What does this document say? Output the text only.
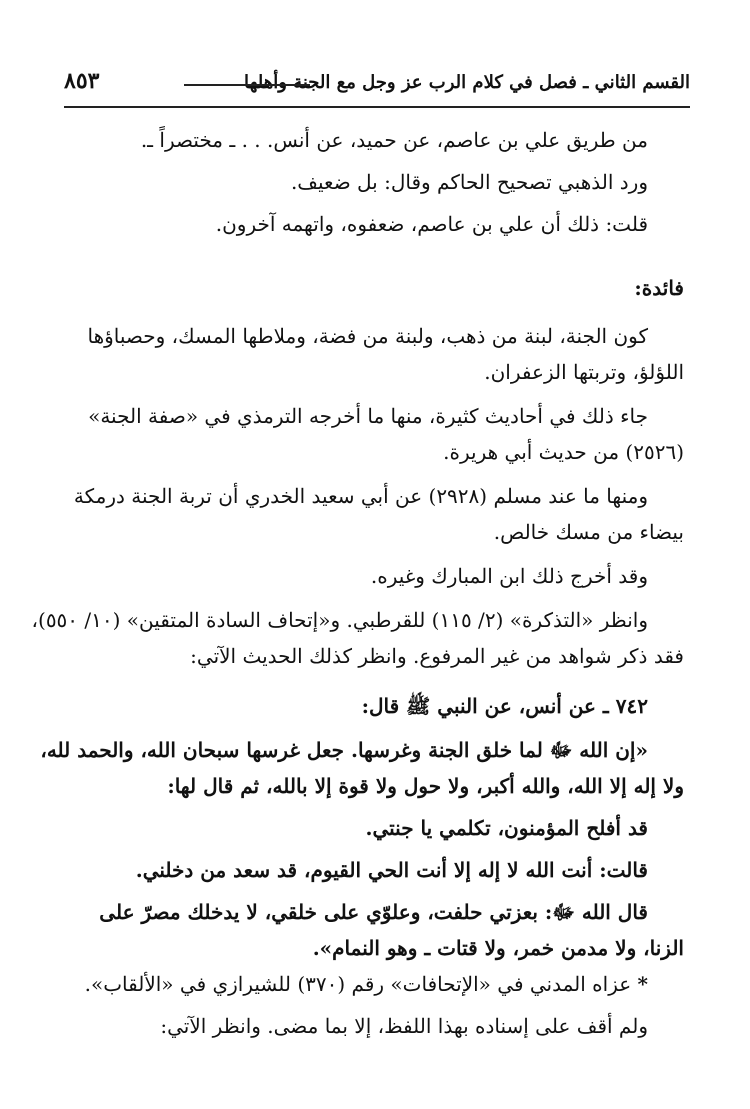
القسم الثاني ـ فصل في كلام الرب عز وجل مع الجنة وأهلها
٨٥٣
من طريق علي بن عاصم، عن حميد، عن أنس. . . ـ مختصراً ـ.
ورد الذهبي تصحيح الحاكم وقال: بل ضعيف.
قلت: ذلك أن علي بن عاصم، ضعفوه، واتهمه آخرون.
فائدة:
كون الجنة، لبنة من ذهب، ولبنة من فضة، وملاطها المسك، وحصباؤها
اللؤلؤ، وتربتها الزعفران.
جاء ذلك في أحاديث كثيرة، منها ما أخرجه الترمذي في «صفة الجنة»
(٢٥٢٦) من حديث أبي هريرة.
ومنها ما عند مسلم (٢٩٢٨) عن أبي سعيد الخدري أن تربة الجنة درمكة
بيضاء من مسك خالص.
وقد أخرج ذلك ابن المبارك وغيره.
وانظر «التذكرة» (٢/ ١١٥) للقرطبي. و«إتحاف السادة المتقين» (١٠/ ٥٥٠)،
فقد ذكر شواهد من غير المرفوع. وانظر كذلك الحديث الآتي:
٧٤٢ ـ عن أنس، عن النبي ﷺ قال:
«إن الله ﷻ لما خلق الجنة وغرسها. جعل غرسها سبحان الله، والحمد لله،
ولا إله إلا الله، والله أكبر، ولا حول ولا قوة إلا بالله، ثم قال لها:
قد أفلح المؤمنون، تكلمي يا جنتي.
قالت: أنت الله لا إله إلا أنت الحي القيوم، قد سعد من دخلني.
قال الله ﷻ: بعزتي حلفت، وعلوّي على خلقي، لا يدخلك مصرّ على
الزنا، ولا مدمن خمر، ولا قتات ـ وهو النمام».
* عزاه المدني في «الإتحافات» رقم (٣٧٠) للشيرازي في «الألقاب».
ولم أقف على إسناده بهذا اللفظ، إلا بما مضى. وانظر الآتي:
